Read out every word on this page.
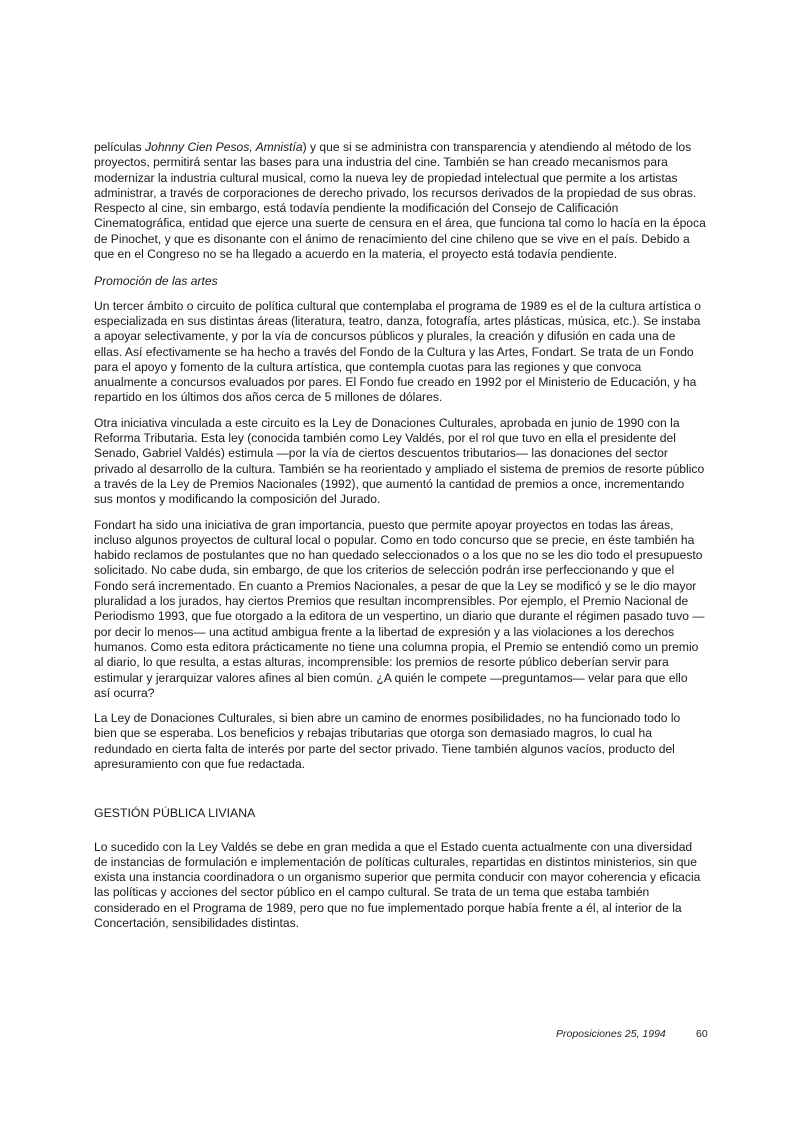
películas Johnny Cien Pesos, Amnistía) y que si se administra con transparencia y atendiendo al método de los proyectos, permitirá sentar las bases para una industria del cine. También se han creado mecanismos para modernizar la industria cultural musical, como la nueva ley de propiedad intelectual que permite a los artistas administrar, a través de corporaciones de derecho privado, los recursos derivados de la propiedad de sus obras. Respecto al cine, sin embargo, está todavía pendiente la modificación del Consejo de Calificación Cinematográfica, entidad que ejerce una suerte de censura en el área, que funciona tal como lo hacía en la época de Pinochet, y que es disonante con el ánimo de renacimiento del cine chileno que se vive en el país. Debido a que en el Congreso no se ha llegado a acuerdo en la materia, el proyecto está todavía pendiente.

Promoción de las artes

Un tercer ámbito o circuito de política cultural que contemplaba el programa de 1989 es el de la cultura artística o especializada en sus distintas áreas (literatura, teatro, danza, fotografía, artes plásticas, música, etc.). Se instaba a apoyar selectivamente, y por la vía de concursos públicos y plurales, la creación y difusión en cada una de ellas. Así efectivamente se ha hecho a través del Fondo de la Cultura y las Artes, Fondart. Se trata de un Fondo para el apoyo y fomento de la cultura artística, que contempla cuotas para las regiones y que convoca anualmente a concursos evaluados por pares. El Fondo fue creado en 1992 por el Ministerio de Educación, y ha repartido en los últimos dos años cerca de 5 millones de dólares.

Otra iniciativa vinculada a este circuito es la Ley de Donaciones Culturales, aprobada en junio de 1990 con la Reforma Tributaria. Esta ley (conocida también como Ley Valdés, por el rol que tuvo en ella el presidente del Senado, Gabriel Valdés) estimula —por la vía de ciertos descuentos tributarios— las donaciones del sector privado al desarrollo de la cultura. También se ha reorientado y ampliado el sistema de premios de resorte público a través de la Ley de Premios Nacionales (1992), que aumentó la cantidad de premios a once, incrementando sus montos y modificando la composición del Jurado.

Fondart ha sido una iniciativa de gran importancia, puesto que permite apoyar proyectos en todas las áreas, incluso algunos proyectos de cultural local o popular. Como en todo concurso que se precie, en éste también ha habido reclamos de postulantes que no han quedado seleccionados o a los que no se les dio todo el presupuesto solicitado. No cabe duda, sin embargo, de que los criterios de selección podrán irse perfeccionando y que el Fondo será incrementado. En cuanto a Premios Nacionales, a pesar de que la Ley se modificó y se le dio mayor pluralidad a los jurados, hay ciertos Premios que resultan incomprensibles. Por ejemplo, el Premio Nacional de Periodismo 1993, que fue otorgado a la editora de un vespertino, un diario que durante el régimen pasado tuvo —por decir lo menos— una actitud ambigua frente a la libertad de expresión y a las violaciones a los derechos humanos. Como esta editora prácticamente no tiene una columna propia, el Premio se entendió como un premio al diario, lo que resulta, a estas alturas, incomprensible: los premios de resorte público deberían servir para estimular y jerarquizar valores afines al bien común. ¿A quién le compete —preguntamos— velar para que ello así ocurra?

La Ley de Donaciones Culturales, si bien abre un camino de enormes posibilidades, no ha funcionado todo lo bien que se esperaba. Los beneficios y rebajas tributarias que otorga son demasiado magros, lo cual ha redundado en cierta falta de interés por parte del sector privado. Tiene también algunos vacíos, producto del apresuramiento con que fue redactada.

GESTIÓN PÚBLICA LIVIANA

Lo sucedido con la Ley Valdés se debe en gran medida a que el Estado cuenta actualmente con una diversidad de instancias de formulación e implementación de políticas culturales, repartidas en distintos ministerios, sin que exista una instancia coordinadora o un organismo superior que permita conducir con mayor coherencia y eficacia las políticas y acciones del sector público en el campo cultural. Se trata de un tema que estaba también considerado en el Programa de 1989, pero que no fue implementado porque había frente a él, al interior de la Concertación, sensibilidades distintas.

Proposiciones 25, 1994	60
